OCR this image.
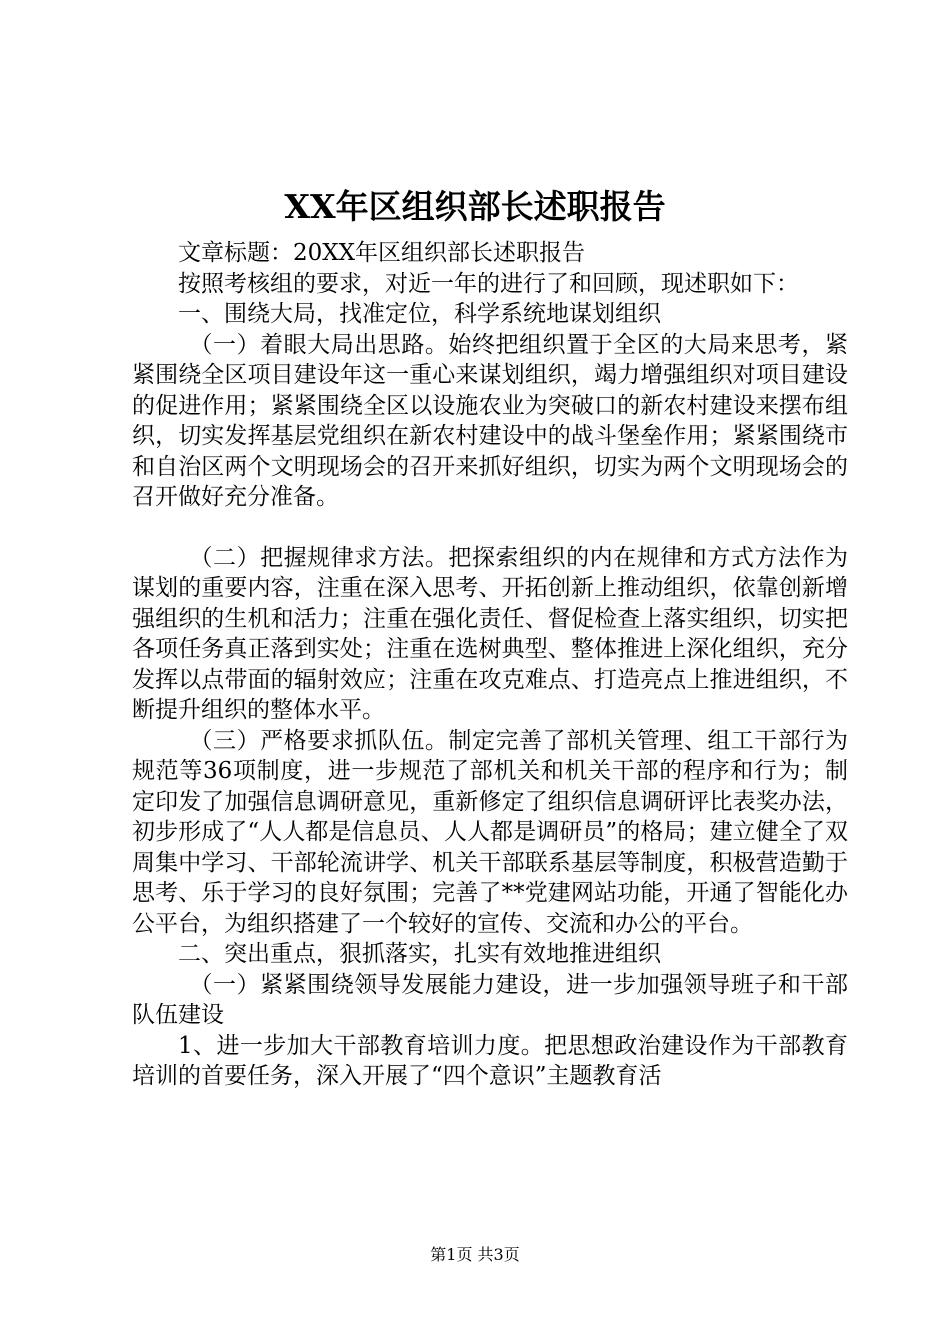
XX年区组织部长述职报告

文章标题：20XX年区组织部长述职报告

按照考核组的要求，对近一年的进行了和回顾，现述职如下：

一、围绕大局，找准定位，科学系统地谋划组织

（一）着眼大局出思路。始终把组织置于全区的大局来思考，紧紧围绕全区项目建设年这一重心来谋划组织，竭力增强组织对项目建设的促进作用；紧紧围绕全区以设施农业为突破口的新农村建设来摆布组织，切实发挥基层党组织在新农村建设中的战斗堡垒作用；紧紧围绕市和自治区两个文明现场会的召开来抓好组织，切实为两个文明现场会的召开做好充分准备。

（二）把握规律求方法。把探索组织的内在规律和方式方法作为谋划的重要内容，注重在深入思考、开拓创新上推动组织，依靠创新增强组织的生机和活力；注重在强化责任、督促检查上落实组织，切实把各项任务真正落到实处；注重在选树典型、整体推进上深化组织，充分发挥以点带面的辐射效应；注重在攻克难点、打造亮点上推进组织，不断提升组织的整体水平。

（三）严格要求抓队伍。制定完善了部机关管理、组工干部行为规范等36项制度，进一步规范了部机关和机关干部的程序和行为；制定印发了加强信息调研意见，重新修定了组织信息调研评比表奖办法，初步形成了“人人都是信息员、人人都是调研员”的格局；建立健全了双周集中学习、干部轮流讲学、机关干部联系基层等制度，积极营造勤于思考、乐于学习的良好氛围；完善了**党建网站功能，开通了智能化办公平台，为组织搭建了一个较好的宣传、交流和办公的平台。

二、突出重点，狠抓落实，扎实有效地推进组织

（一）紧紧围绕领导发展能力建设，进一步加强领导班子和干部队伍建设

1、进一步加大干部教育培训力度。把思想政治建设作为干部教育培训的首要任务，深入开展了“四个意识”主题教育活

第1页 共3页
